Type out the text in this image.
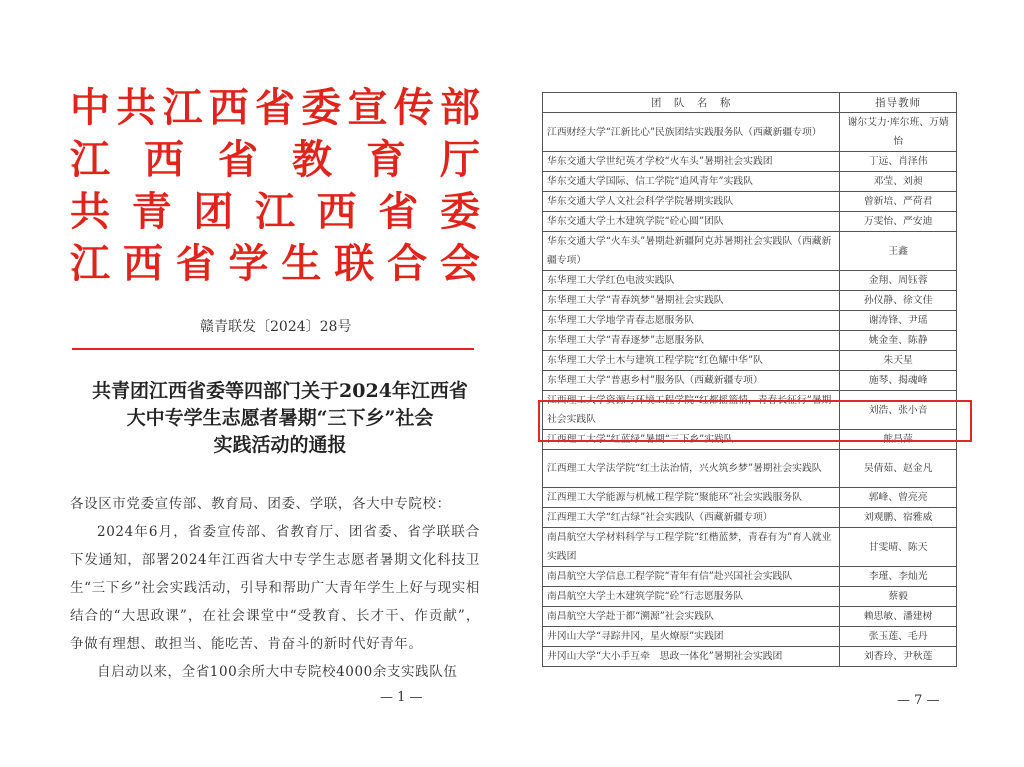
中 共 江 西 省 委 宣 传 部
江 西 省 教 育 厅
共 青 团 江 西 省 委
江 西 省 学 生 联 合 会
赣青联发〔2024〕28号
共青团江西省委等四部门关于2024年江西省
大中专学生志愿者暑期“三下乡”社会
实践活动的通报

各设区市党委宣传部、教育局、团委、学联，各大中专院校：

2024年6月，省委宣传部、省教育厅、团省委、省学联联合下发通知，部署2024年江西省大中专学生志愿者暑期文化科技卫生“三下乡”社会实践活动，引导和帮助广大青年学生上好与现实相结合的“大思政课”，在社会课堂中“受教育、长才干、作贡献”，争做有理想、敢担当、能吃苦、肯奋斗的新时代好青年。

自启动以来，全省100余所大中专院校4000余支实践队伍

— 1 —
团　队　名　称	指导教师
江西财经大学“江新比心”民族团结实践服务队（西藏新疆专项）	谢尔艾力·库尔班、万婧怡
华东交通大学世纪英才学校“火车头”暑期社会实践团	丁远、肖泽伟
华东交通大学国际、信工学院“追风青年”实践队	邓莹、刘昶
华东交通大学人文社会科学学院暑期实践队	曾新培、严荷君
华东交通大学土木建筑学院“砼心圆”团队	万雯怡、严安迪
华东交通大学“火车头”暑期赴新疆阿克苏暑期社会实践队（西藏新疆专项）	王鑫
东华理工大学红色电波实践队	金翔、周钰蓉
东华理工大学“青春筑梦”暑期社会实践队	孙仪静、徐文佳
东华理工大学地学青春志愿服务队	谢涛锋、尹瑶
东华理工大学“青春逐梦”志愿服务队	姚金奎、陈静
东华理工大学土木与建筑工程学院“红色耀中华”队	朱天星
东华理工大学“普惠乡村”服务队（西藏新疆专项）	施琴、揭魂峰
江西理工大学资源与环境工程学院“红都摇篮情，青春长征行”暑期社会实践队	刘浩、张小音
江西理工大学“红蓝绿”暑期“三下乡”实践队	熊昌萍
江西理工大学法学院“红土法治情，兴火筑乡梦”暑期社会实践队	吴倩茹、赵金凡
江西理工大学能源与机械工程学院“聚能环”社会实践服务队	郭峰、曾亮亮
江西理工大学“红古绿”社会实践队（西藏新疆专项）	刘观鹏、宿雅威
南昌航空大学材料科学与工程学院“红楷蓝梦，青春有为”育人就业实践团	甘雯晴、陈天
南昌航空大学信息工程学院“青年有信”赴兴国社会实践队	李瑾、李灿光
南昌航空大学土木建筑学院“砼”行志愿服务队	蔡毅
南昌航空大学赴于都“溯源”社会实践队	赖思敏、潘建树
井冈山大学“寻踪井冈，星火燎原”实践团	张玉莲、毛丹
井冈山大学“大小手互牵　思政一体化”暑期社会实践团	刘香玲、尹秋莲
— 7 —
